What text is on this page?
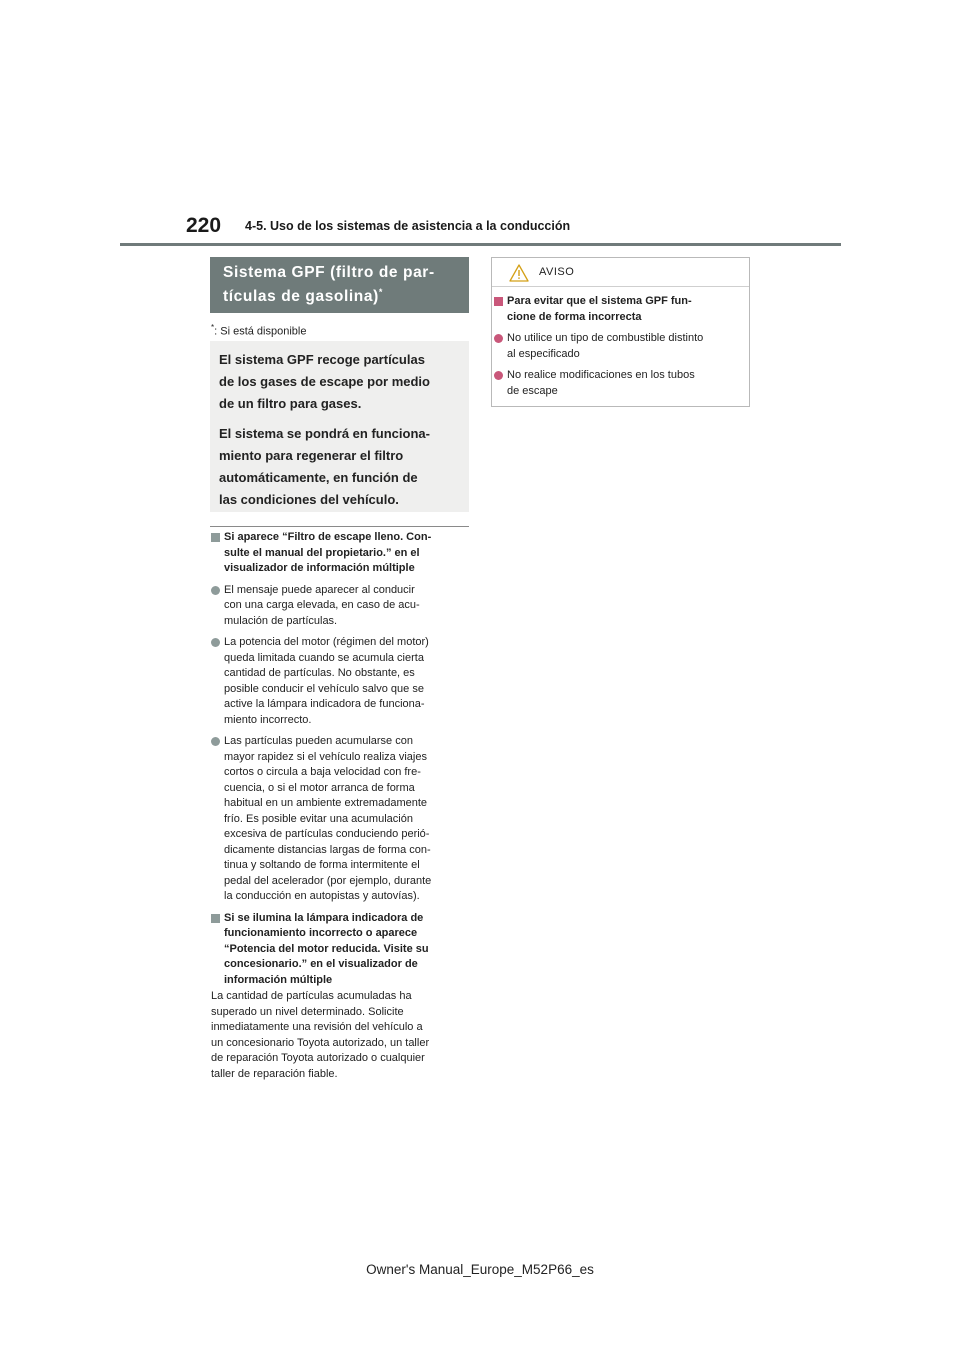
220 4-5. Uso de los sistemas de asistencia a la conducción
Sistema GPF (filtro de par-
tículas de gasolina)*
*: Si está disponible

El sistema GPF recoge partículas
de los gases de escape por medio
de un filtro para gases.

El sistema se pondrá en funciona-
miento para regenerar el filtro
automáticamente, en función de
las condiciones del vehículo.

Si aparece “Filtro de escape lleno. Con-
sulte el manual del propietario.” en el
visualizador de información múltiple
El mensaje puede aparecer al conducir
con una carga elevada, en caso de acu-
mulación de partículas.
La potencia del motor (régimen del motor)
queda limitada cuando se acumula cierta
cantidad de partículas. No obstante, es
posible conducir el vehículo salvo que se
active la lámpara indicadora de funciona-
miento incorrecto.
Las partículas pueden acumularse con
mayor rapidez si el vehículo realiza viajes
cortos o circula a baja velocidad con fre-
cuencia, o si el motor arranca de forma
habitual en un ambiente extremadamente
frío. Es posible evitar una acumulación
excesiva de partículas conduciendo perió-
dicamente distancias largas de forma con-
tinua y soltando de forma intermitente el
pedal del acelerador (por ejemplo, durante
la conducción en autopistas y autovías).
Si se ilumina la lámpara indicadora de
funcionamiento incorrecto o aparece
“Potencia del motor reducida. Visite su
concesionario.” en el visualizador de
información múltiple
La cantidad de partículas acumuladas ha
superado un nivel determinado. Solicite
inmediatamente una revisión del vehículo a
un concesionario Toyota autorizado, un taller
de reparación Toyota autorizado o cualquier
taller de reparación fiable.
AVISO
Para evitar que el sistema GPF fun-
cione de forma incorrecta
No utilice un tipo de combustible distinto
al especificado
No realice modificaciones en los tubos
de escape
Owner's Manual_Europe_M52P66_es
